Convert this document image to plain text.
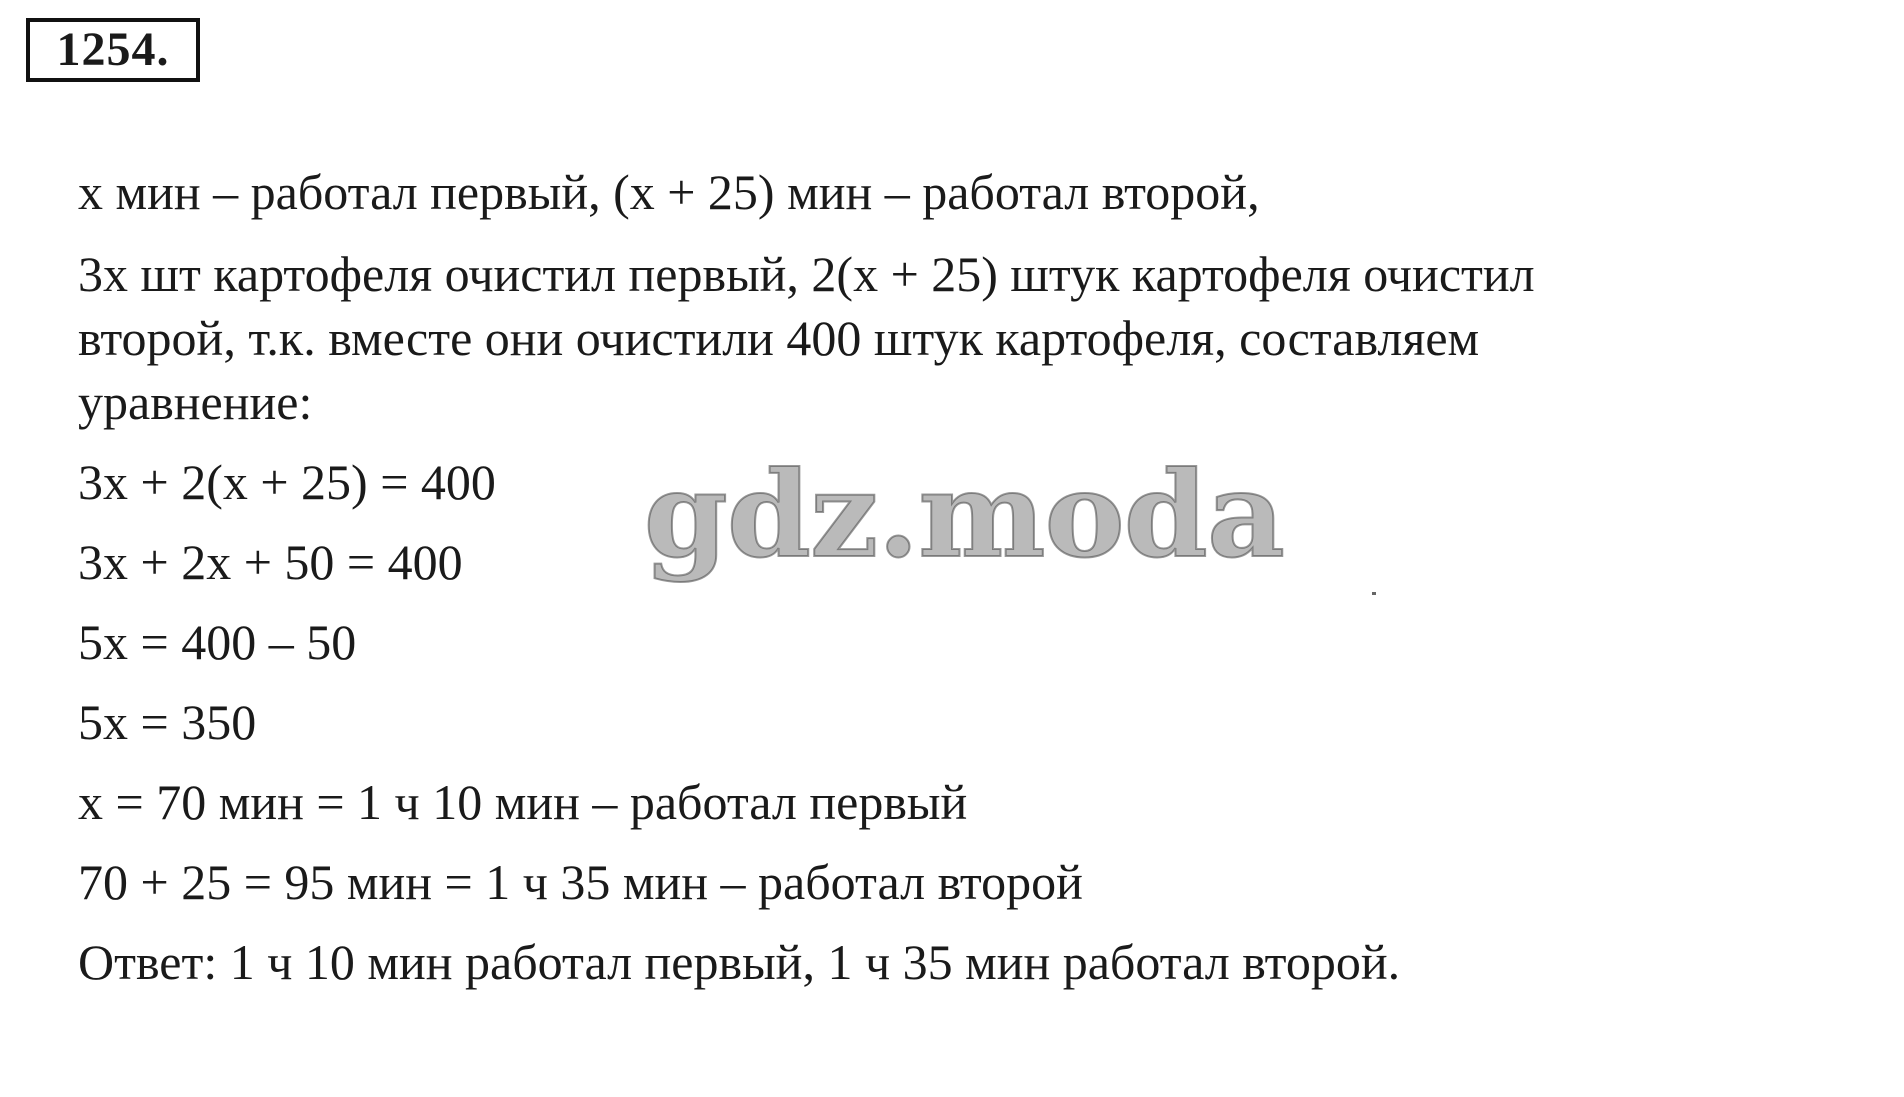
1254.
x мин – работал первый, (x + 25) мин – работал второй,
3x шт картофеля очистил первый, 2(x + 25) штук картофеля очистил
второй, т.к. вместе они очистили 400 штук картофеля, составляем
уравнение:
3x + 2(x + 25) = 400
3x + 2x + 50 = 400
5x = 400 – 50
5x = 350
x = 70 мин = 1 ч 10 мин – работал первый
70 + 25 = 95 мин = 1 ч 35 мин – работал второй
Ответ: 1 ч 10 мин работал первый, 1 ч 35 мин работал второй.
gdz.moda
